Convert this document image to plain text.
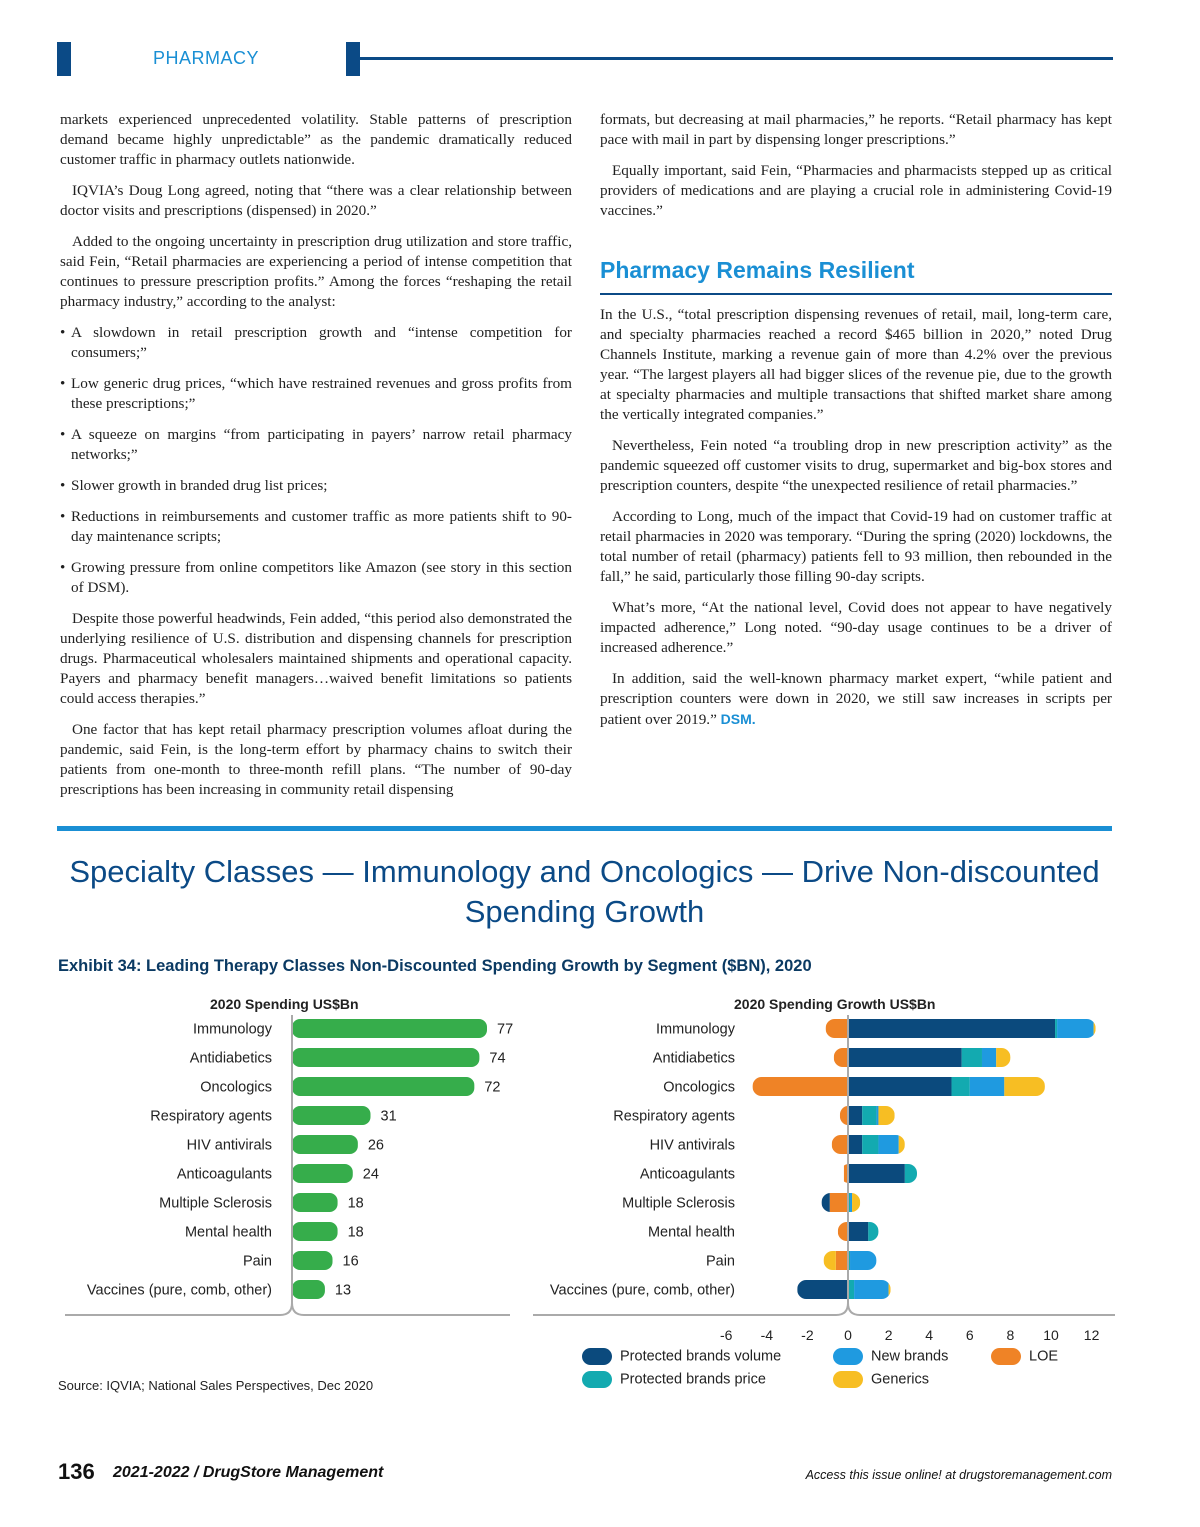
PHARMACY

markets experienced unprecedented volatility. Stable patterns of prescription demand became highly unpredictable” as the pandemic dramatically reduced customer traffic in pharmacy outlets nationwide.

IQVIA’s Doug Long agreed, noting that “there was a clear relationship between doctor visits and prescriptions (dispensed) in 2020.”

Added to the ongoing uncertainty in prescription drug utilization and store traffic, said Fein, “Retail pharmacies are experiencing a period of intense competition that continues to pressure prescription profits.” Among the forces “reshaping the retail pharmacy industry,” according to the analyst:

• A slowdown in retail prescription growth and “intense competition for consumers;”
• Low generic drug prices, “which have restrained revenues and gross profits from these prescriptions;”
• A squeeze on margins “from participating in payers’ narrow retail pharmacy networks;”
• Slower growth in branded drug list prices;
• Reductions in reimbursements and customer traffic as more patients shift to 90-day maintenance scripts;
• Growing pressure from online competitors like Amazon (see story in this section of DSM).

Despite those powerful headwinds, Fein added, “this period also demonstrated the underlying resilience of U.S. distribution and dispensing channels for prescription drugs. Pharmaceutical wholesalers maintained shipments and operational capacity. Payers and pharmacy benefit managers…waived benefit limitations so patients could access therapies.”

One factor that has kept retail pharmacy prescription volumes afloat during the pandemic, said Fein, is the long-term effort by pharmacy chains to switch their patients from one-month to three-month refill plans. “The number of 90-day prescriptions has been increasing in community retail dispensing

formats, but decreasing at mail pharmacies,” he reports. “Retail pharmacy has kept pace with mail in part by dispensing longer prescriptions.”

Equally important, said Fein, “Pharmacies and pharmacists stepped up as critical providers of medications and are playing a crucial role in administering Covid-19 vaccines.”

Pharmacy Remains Resilient

In the U.S., “total prescription dispensing revenues of retail, mail, long-term care, and specialty pharmacies reached a record $465 billion in 2020,” noted Drug Channels Institute, marking a revenue gain of more than 4.2% over the previous year. “The largest players all had bigger slices of the revenue pie, due to the growth at specialty pharmacies and multiple transactions that shifted market share among the vertically integrated companies.”

Nevertheless, Fein noted “a troubling drop in new prescription activity” as the pandemic squeezed off customer visits to drug, supermarket and big-box stores and prescription counters, despite “the unexpected resilience of retail pharmacies.”

According to Long, much of the impact that Covid-19 had on customer traffic at retail pharmacies in 2020 was temporary. “During the spring (2020) lockdowns, the total number of retail (pharmacy) patients fell to 93 million, then rebounded in the fall,” he said, particularly those filling 90-day scripts.

What’s more, “At the national level, Covid does not appear to have negatively impacted adherence,” Long noted. “90-day usage continues to be a driver of increased adherence.”

In addition, said the well-known pharmacy market expert, “while patient and prescription counters were down in 2020, we still saw increases in scripts per patient over 2019.” DSM.

Specialty Classes — Immunology and Oncologics — Drive Non-discounted
Spending Growth
Exhibit 34: Leading Therapy Classes Non-Discounted Spending Growth by Segment ($BN), 2020
2020 Spending US$Bn	2020 Spending Growth US$Bn
Immunology	77
Antidiabetics	74
Oncologics	72
Respiratory agents	31
HIV antivirals	26
Anticoagulants	24
Multiple Sclerosis	18
Mental health	18
Pain	16
Vaccines (pure, comb, other)	13
Immunology
Antidiabetics
Oncologics
Respiratory agents
HIV antivirals
Anticoagulants
Multiple Sclerosis
Mental health
Pain
Vaccines (pure, comb, other)
-6 -4 -2 0 2 4 6 8 10 12
Protected brands volume
Protected brands price
New brands
Generics
LOE
Source: IQVIA; National Sales Perspectives, Dec 2020
136 2021-2022 / DrugStore Management	Access this issue online! at drugstoremanagement.com
